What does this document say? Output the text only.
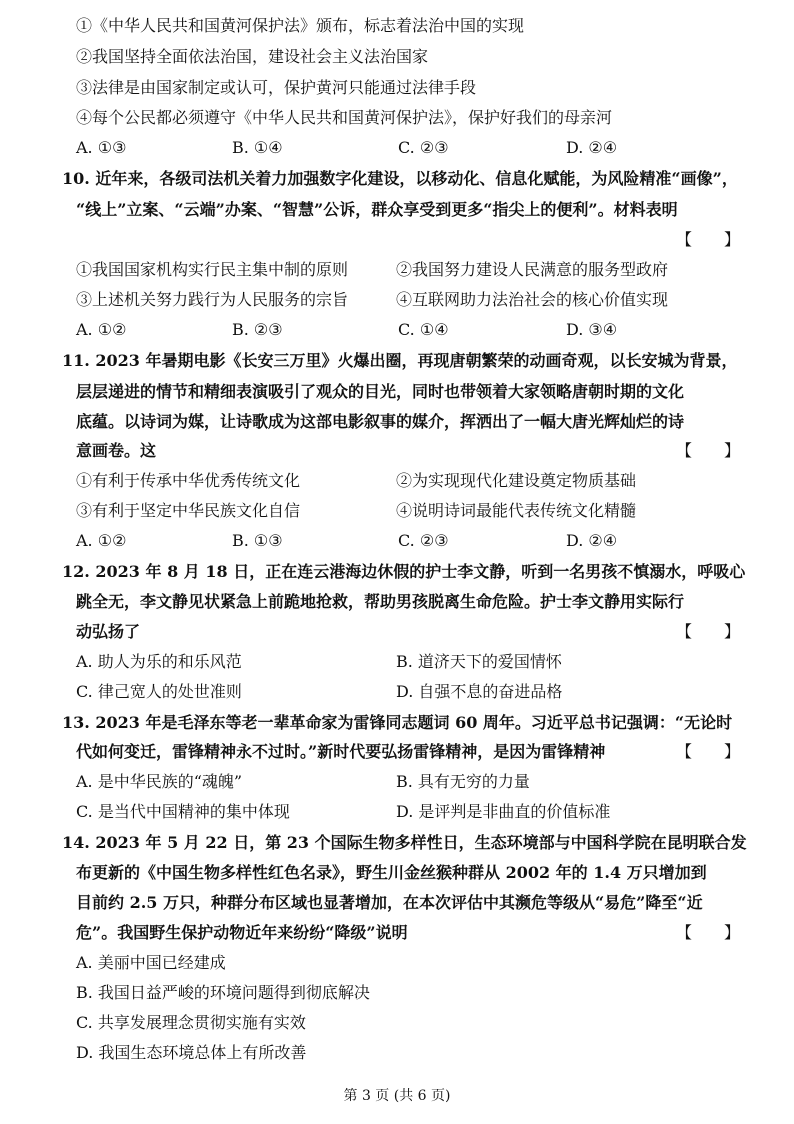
①《中华人民共和国黄河保护法》颁布，标志着法治中国的实现
②我国坚持全面依法治国，建设社会主义法治国家
③法律是由国家制定或认可，保护黄河只能通过法律手段
④每个公民都必须遵守《中华人民共和国黄河保护法》，保护好我们的母亲河
A. ①③	B. ①④	C. ②③	D. ②④
10. 近年来，各级司法机关着力加强数字化建设，以移动化、信息化赋能，为风险精准“画像”，
“线上”立案、“云端”办案、“智慧”公诉，群众享受到更多“指尖上的便利”。材料表明
【　　】
①我国国家机构实行民主集中制的原则	②我国努力建设人民满意的服务型政府
③上述机关努力践行为人民服务的宗旨	④互联网助力法治社会的核心价值实现
A. ①②	B. ②③	C. ①④	D. ③④
11. 2023 年暑期电影《长安三万里》火爆出圈，再现唐朝繁荣的动画奇观，以长安城为背景，
层层递进的情节和精细表演吸引了观众的目光，同时也带领着大家领略唐朝时期的文化
底蕴。以诗词为媒，让诗歌成为这部电影叙事的媒介，挥洒出了一幅大唐光辉灿烂的诗
意画卷。这	【　　】
①有利于传承中华优秀传统文化	②为实现现代化建设奠定物质基础
③有利于坚定中华民族文化自信	④说明诗词最能代表传统文化精髓
A. ①②	B. ①③	C. ②③	D. ②④
12. 2023 年 8 月 18 日，正在连云港海边休假的护士李文静，听到一名男孩不慎溺水，呼吸心
跳全无，李文静见状紧急上前跪地抢救，帮助男孩脱离生命危险。护士李文静用实际行
动弘扬了	【　　】
A. 助人为乐的和乐风范	B. 道济天下的爱国情怀
C. 律己宽人的处世准则	D. 自强不息的奋进品格
13. 2023 年是毛泽东等老一辈革命家为雷锋同志题词 60 周年。习近平总书记强调：“无论时
代如何变迁，雷锋精神永不过时。”新时代要弘扬雷锋精神，是因为雷锋精神	【　　】
A. 是中华民族的“魂魄”	B. 具有无穷的力量
C. 是当代中国精神的集中体现	D. 是评判是非曲直的价值标准
14. 2023 年 5 月 22 日，第 23 个国际生物多样性日，生态环境部与中国科学院在昆明联合发
布更新的《中国生物多样性红色名录》，野生川金丝猴种群从 2002 年的 1.4 万只增加到
目前约 2.5 万只，种群分布区域也显著增加，在本次评估中其濒危等级从“易危”降至“近
危”。我国野生保护动物近年来纷纷“降级”说明	【　　】
A. 美丽中国已经建成
B. 我国日益严峻的环境问题得到彻底解决
C. 共享发展理念贯彻实施有实效
D. 我国生态环境总体上有所改善
第 3 页 (共 6 页)
